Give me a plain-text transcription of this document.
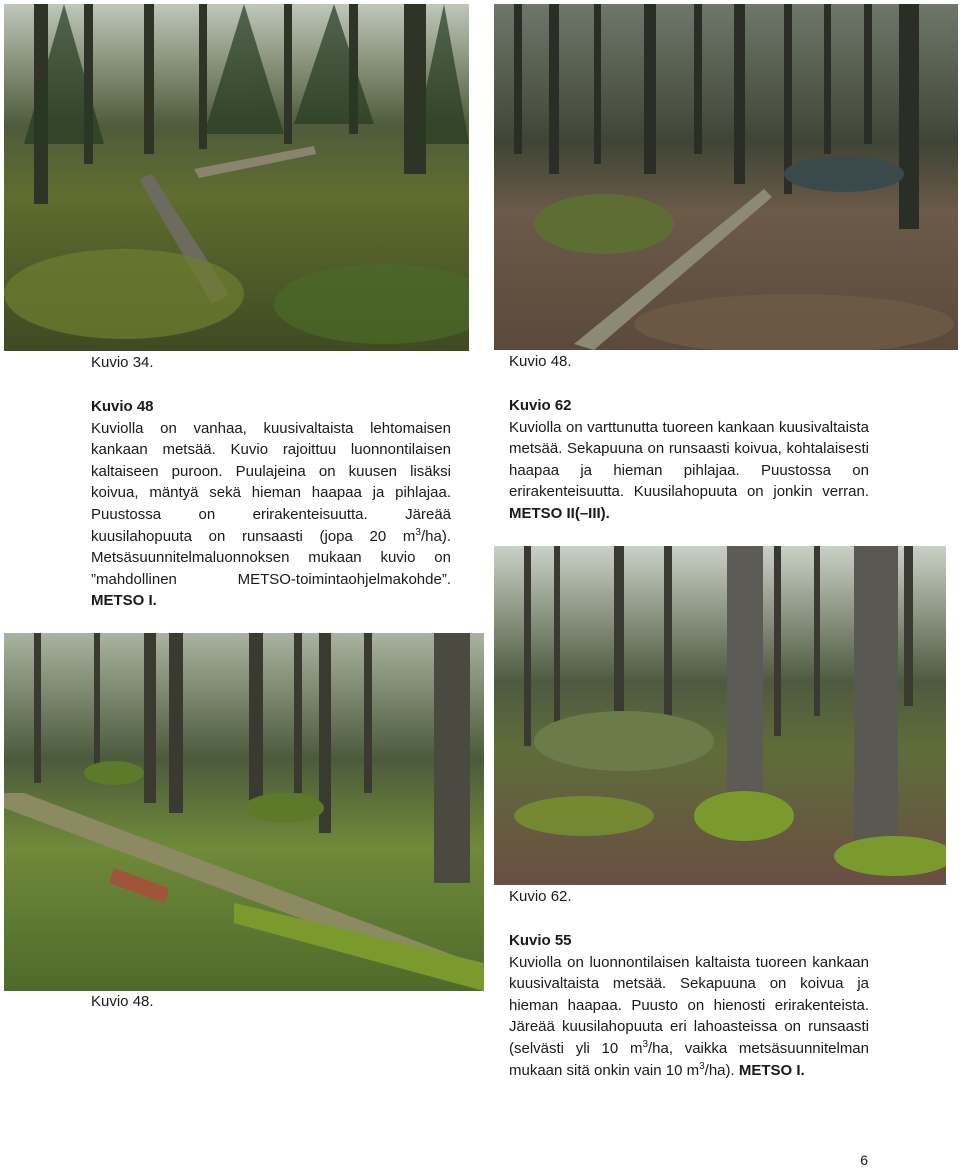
Kuvio 34.	Kuvio 48.
Kuvio 48
Kuviolla on vanhaa, kuusivaltaista lehtomaisen kankaan metsää. Kuvio rajoittuu luonnontilaisen kaltaiseen puroon. Puulajeina on kuusen lisäksi koivua, mäntyä sekä hieman haapaa ja pihlajaa. Puustossa on erirakenteisuutta. Järeää kuusilahopuuta on runsaasti (jopa 20 $m^3/ha$). Metsäsuunnitelmaluonnoksen mukaan kuvio on ”mahdollinen METSO-toimintaohjelmakohde”. METSO I.
Kuvio 62
Kuviolla on varttunutta tuoreen kankaan kuusivaltaista metsää. Sekapuuna on runsaasti koivua, kohtalaisesti haapaa ja hieman pihlajaa. Puustossa on erirakenteisuutta. Kuusilahopuuta on jonkin verran. METSO II(–III).
Kuvio 62.
Kuvio 55
Kuviolla on luonnontilaisen kaltaista tuoreen kankaan kuusivaltaista metsää. Sekapuuna on koivua ja hieman haapaa. Puusto on hienosti erirakenteista. Järeää kuusilahopuuta eri lahoasteissa on runsaasti (selvästi yli 10 $m^3/ha$, vaikka metsäsuunnitelman mukaan sitä onkin vain 10 $m^3/ha$). METSO I.
Kuvio 48.
6
